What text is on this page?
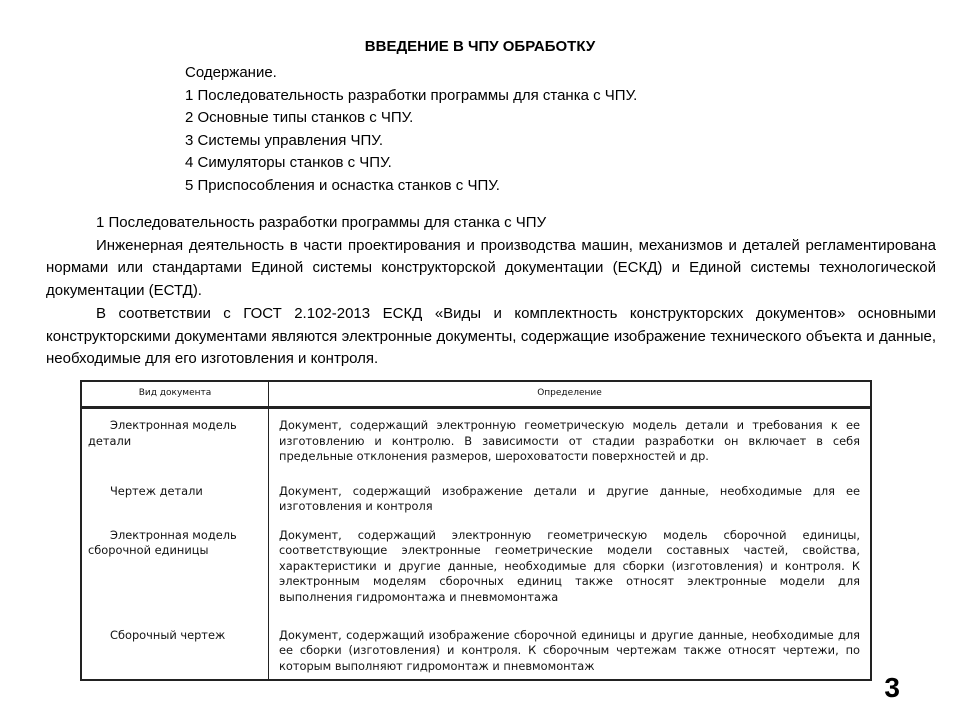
ВВЕДЕНИЕ В ЧПУ ОБРАБОТКУ
Содержание.
1 Последовательность разработки программы для станка с ЧПУ.
2 Основные типы станков с ЧПУ.
3 Системы управления ЧПУ.
4 Симуляторы станков с ЧПУ.
5 Приспособления и оснастка станков с ЧПУ.

1 Последовательность разработки программы для станка с ЧПУ

Инженерная деятельность в части проектирования и производства машин, механизмов и деталей регламентирована нормами или стандартами Единой системы конструкторской документации (ЕСКД) и Единой системы технологической документации (ЕСТД).

В соответствии с ГОСТ 2.102-2013 ЕСКД «Виды и комплектность конструкторских документов» основными конструкторскими документами являются электронные документы, содержащие изображение технического объекта и данные, необходимые для его изготовления и контроля.

Вид документа	Определение
Электронная модель детали	Документ, содержащий электронную геометрическую модель детали и требования к ее изготовлению и контролю. В зависимости от стадии разработки он включает в себя предельные отклонения размеров, шероховатости поверхностей и др.
Чертеж детали	Документ, содержащий изображение детали и другие данные, необходимые для ее изготовления и контроля
Электронная модель сборочной единицы	Документ, содержащий электронную геометрическую модель сборочной единицы, соответствующие электронные геометрические модели составных частей, свойства, характеристики и другие данные, необходимые для сборки (изготовления) и контроля. К электронным моделям сборочных единиц также относят электронные модели для выполнения гидромонтажа и пневмомонтажа
Сборочный чертеж	Документ, содержащий изображение сборочной единицы и другие данные, необходимые для ее сборки (изготовления) и контроля. К сборочным чертежам также относят чертежи, по которым выполняют гидромонтаж и пневмомонтаж
3
